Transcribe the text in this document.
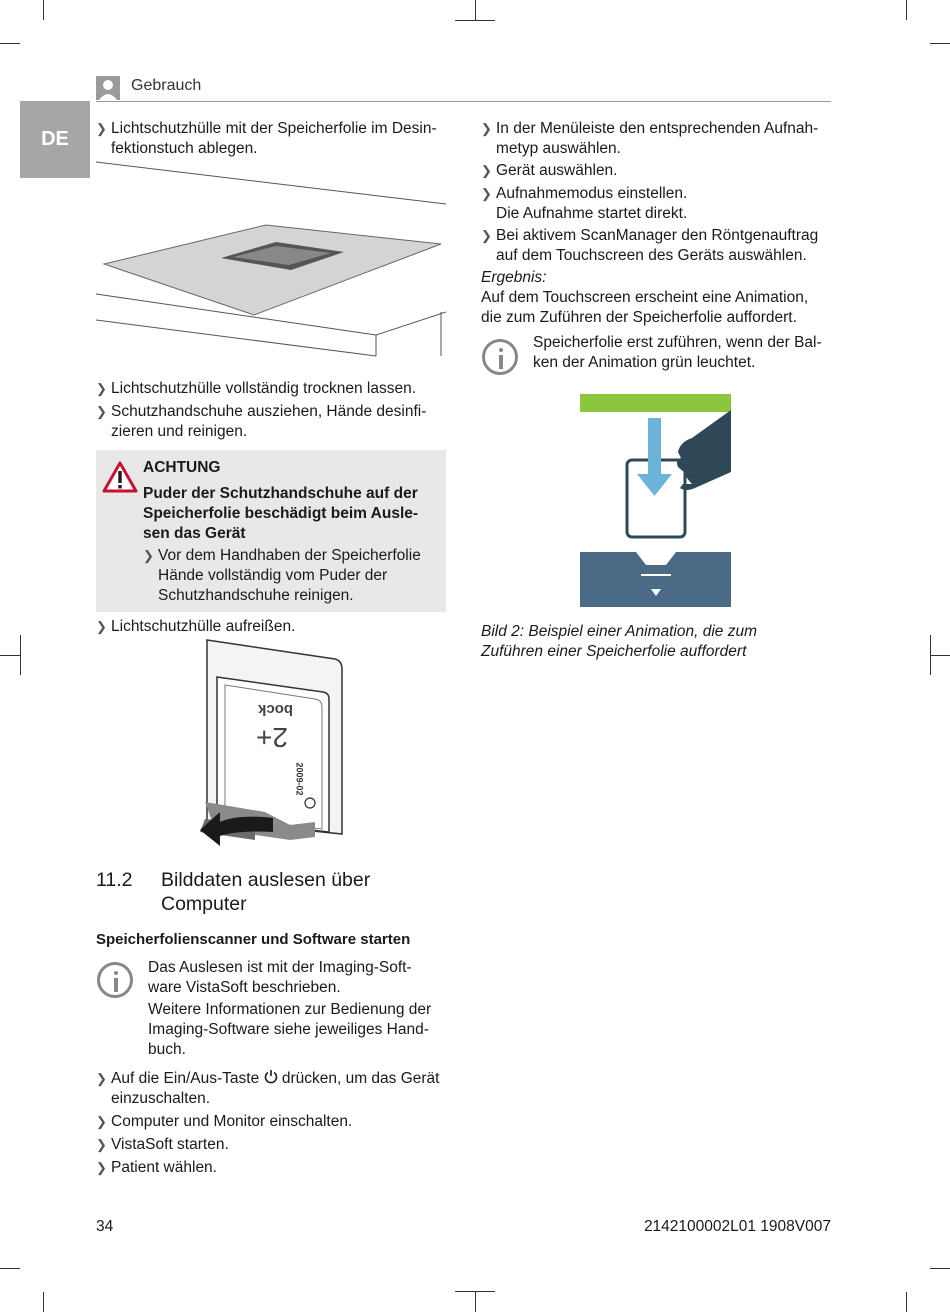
Gebrauch
DE	❯ Lichtschutzhülle mit der Speicherfolie im Desin-
fektionstuch ablegen.
❯ Lichtschutzhülle vollständig trocknen lassen.
❯ Schutzhandschuhe ausziehen, Hände desinfi-
zieren und reinigen.
ACHTUNG
Puder der Schutzhandschuhe auf der Speicherfolie beschädigt beim Ausle-sen das Gerät
❯ Vor dem Handhaben der Speicherfolie Hände vollständig vom Puder der Schutzhandschuhe reinigen.
❯ Lichtschutzhülle aufreißen.
bock
2+
2009-02
11.2 Bilddaten auslesen über Computer
Speicherfolienscanner und Software starten
Das Auslesen ist mit der Imaging-Soft-ware VistaSoft beschrieben.
Weitere Informationen zur Bedienung der Imaging-Software siehe jeweiliges Hand-buch.
❯ Auf die Ein/Aus-Taste drücken, um das Gerät einzuschalten.
❯ Computer und Monitor einschalten.
❯ VistaSoft starten.
❯ Patient wählen.
❯ In der Menüleiste den entsprechenden Aufnah-metyp auswählen.
❯ Gerät auswählen.
❯ Aufnahmemodus einstellen.
Die Aufnahme startet direkt.
❯ Bei aktivem ScanManager den Röntgenauftrag auf dem Touchscreen des Geräts auswählen.
Ergebnis:
Auf dem Touchscreen erscheint eine Animation, die zum Zuführen der Speicherfolie auffordert.
Speicherfolie erst zuführen, wenn der Bal-ken der Animation grün leuchtet.
Bild 2: Beispiel einer Animation, die zum Zuführen einer Speicherfolie auffordert
34	2142100002L01 1908V007
